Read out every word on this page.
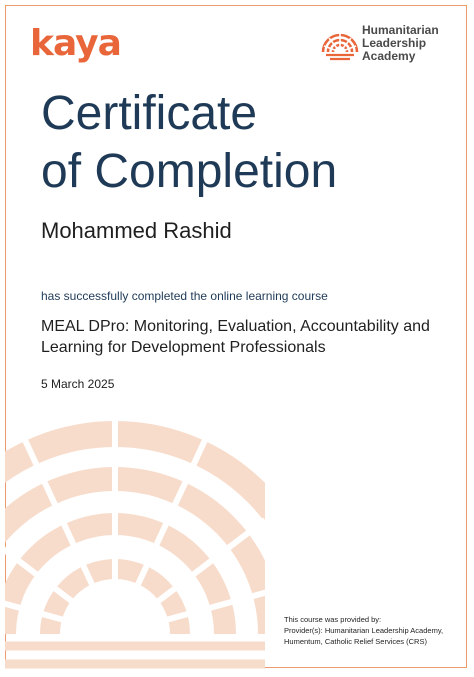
kaya	Humanitarian
Leadership
Academy
Certificate
of Completion
Mohammed Rashid
has successfully completed the online learning course
MEAL DPro: Monitoring, Evaluation, Accountability and Learning for Development Professionals
5 March 2025
This course was provided by:
Provider(s): Humanitarian Leadership Academy, Humentum, Catholic Relief Services (CRS)
